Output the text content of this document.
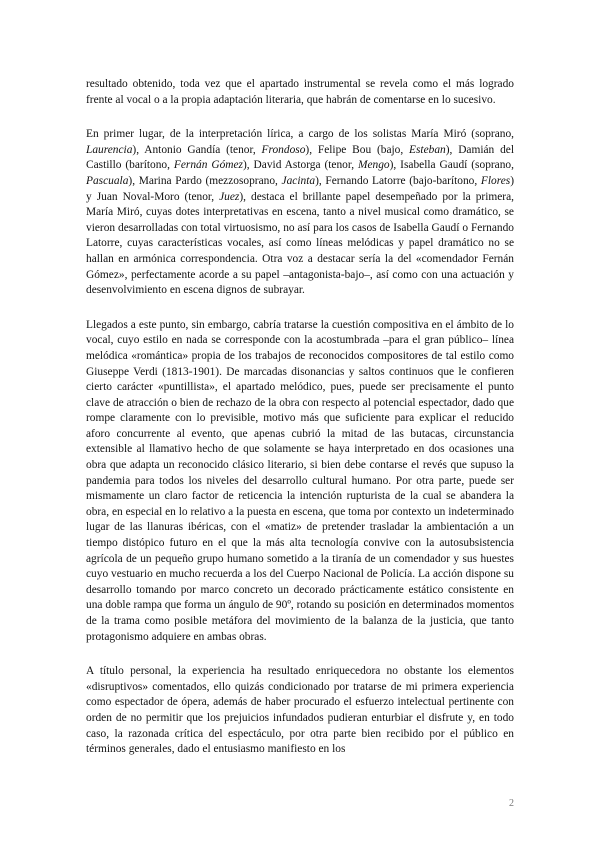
resultado obtenido, toda vez que el apartado instrumental se revela como el más logrado frente al vocal o a la propia adaptación literaria, que habrán de comentarse en lo sucesivo.

En primer lugar, de la interpretación lírica, a cargo de los solistas María Miró (soprano, Laurencia), Antonio Gandía (tenor, Frondoso), Felipe Bou (bajo, Esteban), Damián del Castillo (barítono, Fernán Gómez), David Astorga (tenor, Mengo), Isabella Gaudí (soprano, Pascuala), Marina Pardo (mezzosoprano, Jacinta), Fernando Latorre (bajo-barítono, Flores) y Juan Noval-Moro (tenor, Juez), destaca el brillante papel desempeñado por la primera, María Miró, cuyas dotes interpretativas en escena, tanto a nivel musical como dramático, se vieron desarrolladas con total virtuosismo, no así para los casos de Isabella Gaudí o Fernando Latorre, cuyas características vocales, así como líneas melódicas y papel dramático no se hallan en armónica correspondencia. Otra voz a destacar sería la del «comendador Fernán Gómez», perfectamente acorde a su papel –antagonista-bajo–, así como con una actuación y desenvolvimiento en escena dignos de subrayar.

Llegados a este punto, sin embargo, cabría tratarse la cuestión compositiva en el ámbito de lo vocal, cuyo estilo en nada se corresponde con la acostumbrada –para el gran público– línea melódica «romántica» propia de los trabajos de reconocidos compositores de tal estilo como Giuseppe Verdi (1813-1901). De marcadas disonancias y saltos continuos que le confieren cierto carácter «puntillista», el apartado melódico, pues, puede ser precisamente el punto clave de atracción o bien de rechazo de la obra con respecto al potencial espectador, dado que rompe claramente con lo previsible, motivo más que suficiente para explicar el reducido aforo concurrente al evento, que apenas cubrió la mitad de las butacas, circunstancia extensible al llamativo hecho de que solamente se haya interpretado en dos ocasiones una obra que adapta un reconocido clásico literario, si bien debe contarse el revés que supuso la pandemia para todos los niveles del desarrollo cultural humano. Por otra parte, puede ser mismamente un claro factor de reticencia la intención rupturista de la cual se abandera la obra, en especial en lo relativo a la puesta en escena, que toma por contexto un indeterminado lugar de las llanuras ibéricas, con el «matiz» de pretender trasladar la ambientación a un tiempo distópico futuro en el que la más alta tecnología convive con la autosubsistencia agrícola de un pequeño grupo humano sometido a la tiranía de un comendador y sus huestes cuyo vestuario en mucho recuerda a los del Cuerpo Nacional de Policía. La acción dispone su desarrollo tomando por marco concreto un decorado prácticamente estático consistente en una doble rampa que forma un ángulo de 90º, rotando su posición en determinados momentos de la trama como posible metáfora del movimiento de la balanza de la justicia, que tanto protagonismo adquiere en ambas obras.

A título personal, la experiencia ha resultado enriquecedora no obstante los elementos «disruptivos» comentados, ello quizás condicionado por tratarse de mi primera experiencia como espectador de ópera, además de haber procurado el esfuerzo intelectual pertinente con orden de no permitir que los prejuicios infundados pudieran enturbiar el disfrute y, en todo caso, la razonada crítica del espectáculo, por otra parte bien recibido por el público en términos generales, dado el entusiasmo manifiesto en los

2
